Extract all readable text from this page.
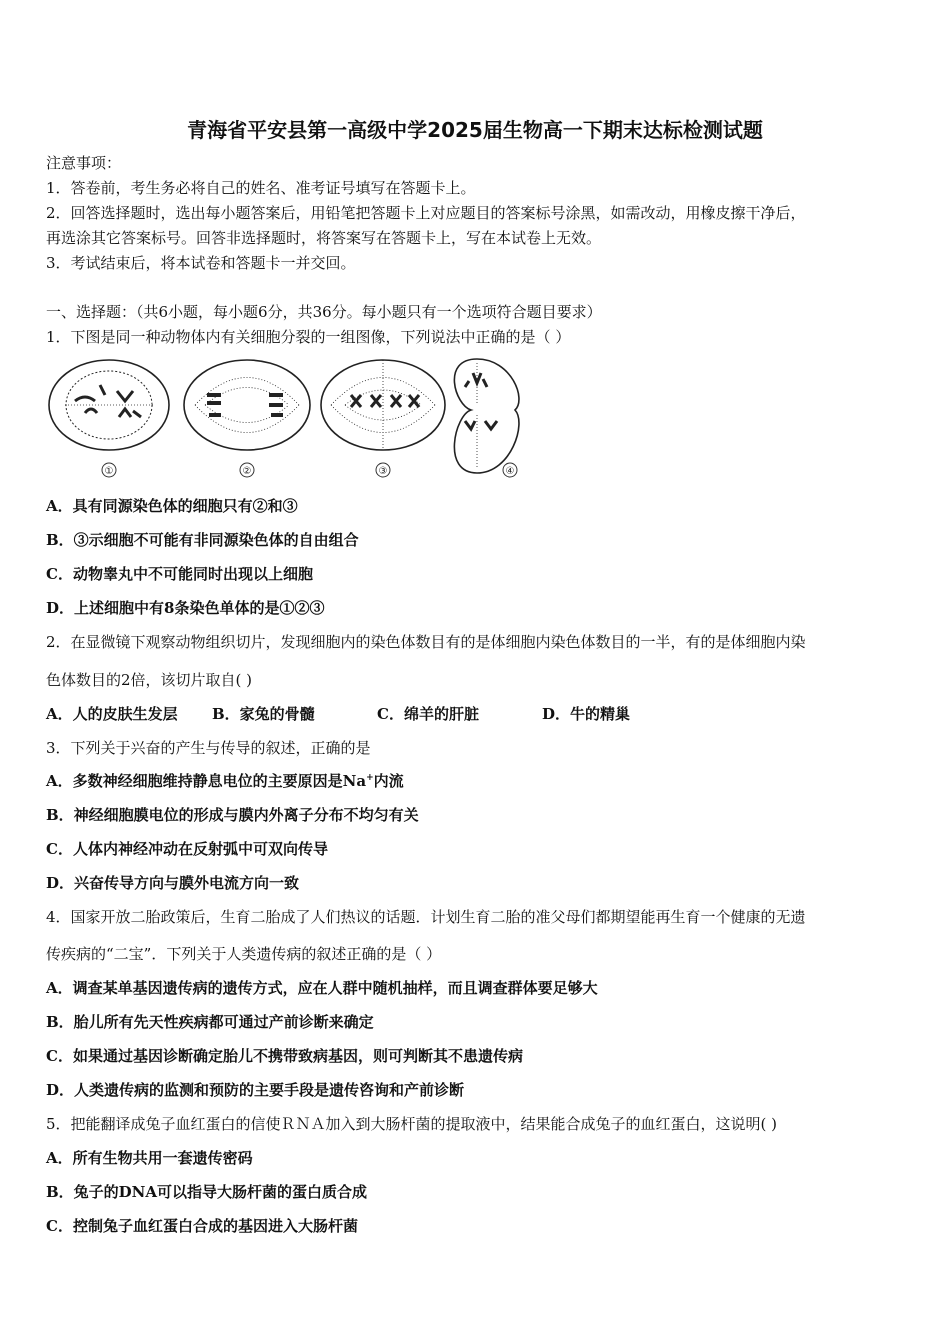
青海省平安县第一高级中学2025届生物高一下期末达标检测试题
注意事项：
1．答卷前，考生务必将自己的姓名、准考证号填写在答题卡上。
2．回答选择题时，选出每小题答案后，用铅笔把答题卡上对应题目的答案标号涂黑，如需改动，用橡皮擦干净后，
再选涂其它答案标号。回答非选择题时，将答案写在答题卡上，写在本试卷上无效。
3．考试结束后，将本试卷和答题卡一并交回。
一、选择题：（共6小题，每小题6分，共36分。每小题只有一个选项符合题目要求）
1．下图是同一种动物体内有关细胞分裂的一组图像，下列说法中正确的是（ ）
①	②	③	④
A．具有同源染色体的细胞只有②和③
B．③示细胞不可能有非同源染色体的自由组合
C．动物睾丸中不可能同时出现以上细胞
D．上述细胞中有8条染色单体的是①②③
2．在显微镜下观察动物组织切片，发现细胞内的染色体数目有的是体细胞内染色体数目的一半，有的是体细胞内染
色体数目的2倍，该切片取自( )
A．人的皮肤生发层 B．家兔的骨髓	C．绵羊的肝脏	D．牛的精巢
3．下列关于兴奋的产生与传导的叙述，正确的是
A．多数神经细胞维持静息电位的主要原因是Na+内流
B．神经细胞膜电位的形成与膜内外离子分布不均匀有关
C．人体内神经冲动在反射弧中可双向传导
D．兴奋传导方向与膜外电流方向一致
4．国家开放二胎政策后，生育二胎成了人们热议的话题．计划生育二胎的准父母们都期望能再生育一个健康的无遗
传疾病的“二宝”．下列关于人类遗传病的叙述正确的是（ ）
A．调查某单基因遗传病的遗传方式，应在人群中随机抽样，而且调查群体要足够大
B．胎儿所有先天性疾病都可通过产前诊断来确定
C．如果通过基因诊断确定胎儿不携带致病基因，则可判断其不患遗传病
D．人类遗传病的监测和预防的主要手段是遗传咨询和产前诊断
5．把能翻译成兔子血红蛋白的信使ＲＮＡ加入到大肠杆菌的提取液中，结果能合成兔子的血红蛋白，这说明( )
A．所有生物共用一套遗传密码
B．兔子的DNA可以指导大肠杆菌的蛋白质合成
C．控制兔子血红蛋白合成的基因进入大肠杆菌
